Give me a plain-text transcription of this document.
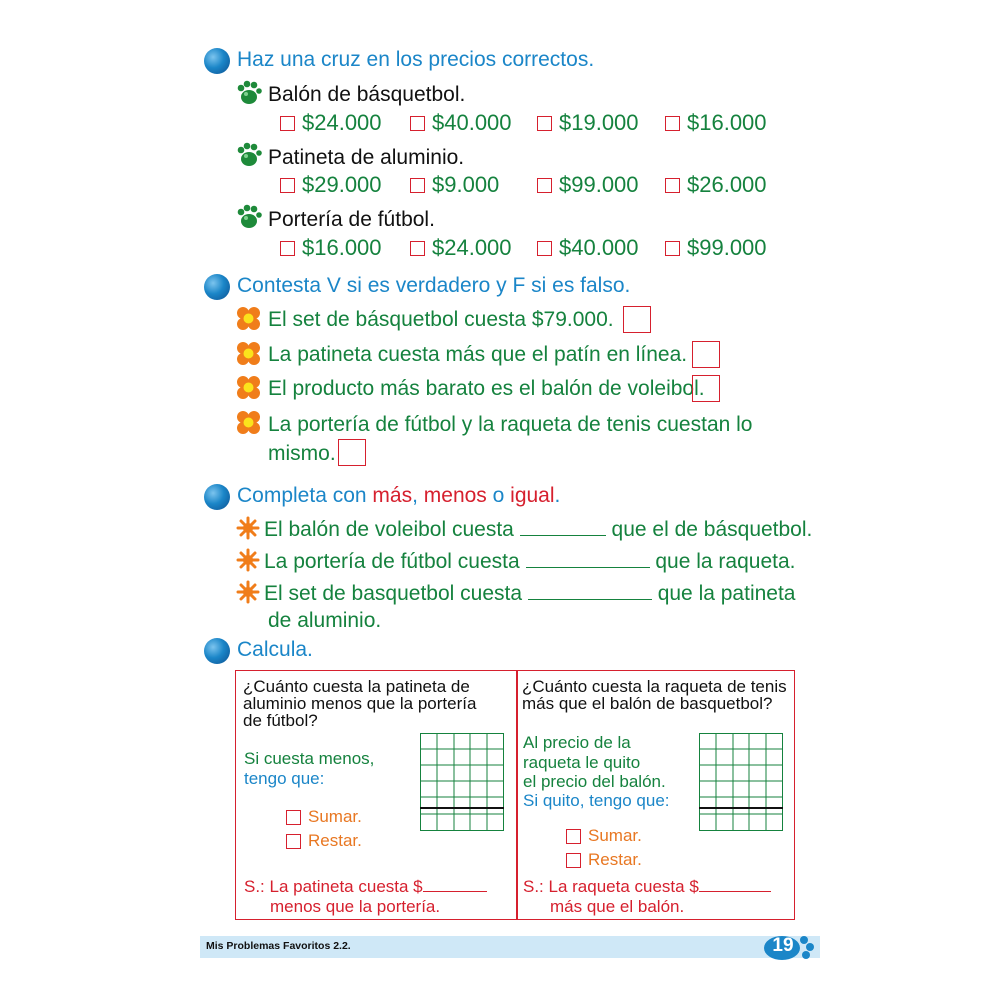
Haz una cruz en los precios correctos.
Balón de básquetbol.
$24.000 $40.000 $19.000 $16.000
Patineta de aluminio.
$29.000 $9.000	$99.000 $26.000
Portería de fútbol.
$16.000 $24.000 $40.000 $99.000
Contesta V si es verdadero y F si es falso.
El set de básquetbol cuesta $79.000.
La patineta cuesta más que el patín en línea.
El producto más barato es el balón de voleibol.
La portería de fútbol y la raqueta de tenis cuestan lo
mismo.
Completa con más, menos o igual.
El balón de voleibol cuesta	que el de básquetbol.
La portería de fútbol cuesta	que la raqueta.
El set de basquetbol cuesta	que la patineta
de aluminio.
Calcula.
¿Cuánto cuesta la patineta de
aluminio menos que la portería
de fútbol?
Si cuesta menos,
tengo que:
Sumar.
Restar.
S.: La patineta cuesta $
menos que la portería.
¿Cuánto cuesta la raqueta de tenis
más que el balón de basquetbol?
Al precio de la
raqueta le quito
el precio del balón.
Si quito, tengo que:
Sumar.
Restar.
S.: La raqueta cuesta $
más que el balón.
Mis Problemas Favoritos 2.2.	19
